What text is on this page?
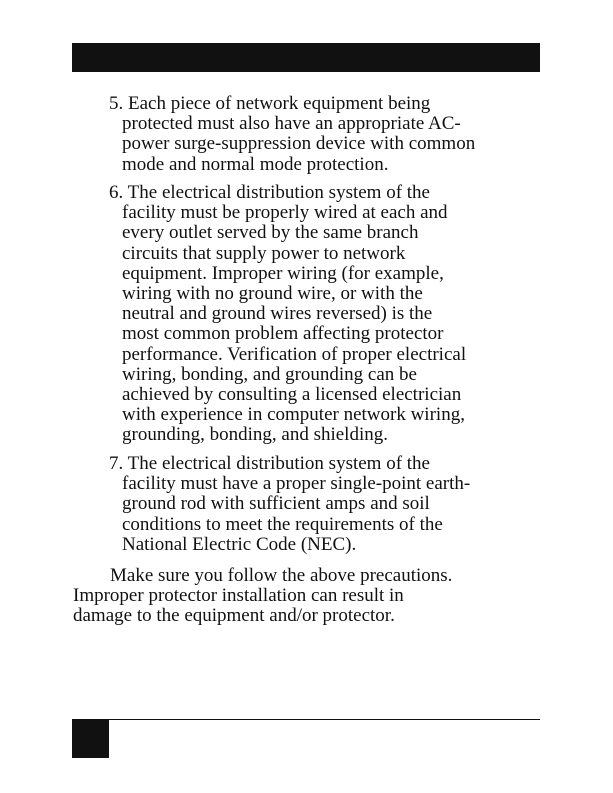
5. Each piece of network equipment being
protected must also have an appropriate AC-
power surge-suppression device with common
mode and normal mode protection.
6. The electrical distribution system of the
facility must be properly wired at each and
every outlet served by the same branch
circuits that supply power to network
equipment. Improper wiring (for example,
wiring with no ground wire, or with the
neutral and ground wires reversed) is the
most common problem affecting protector
performance. Verification of proper electrical
wiring, bonding, and grounding can be
achieved by consulting a licensed electrician
with experience in computer network wiring,
grounding, bonding, and shielding.
7. The electrical distribution system of the
facility must have a proper single-point earth-
ground rod with sufficient amps and soil
conditions to meet the requirements of the
National Electric Code (NEC).
Make sure you follow the above precautions.
Improper protector installation can result in
damage to the equipment and/or protector.
